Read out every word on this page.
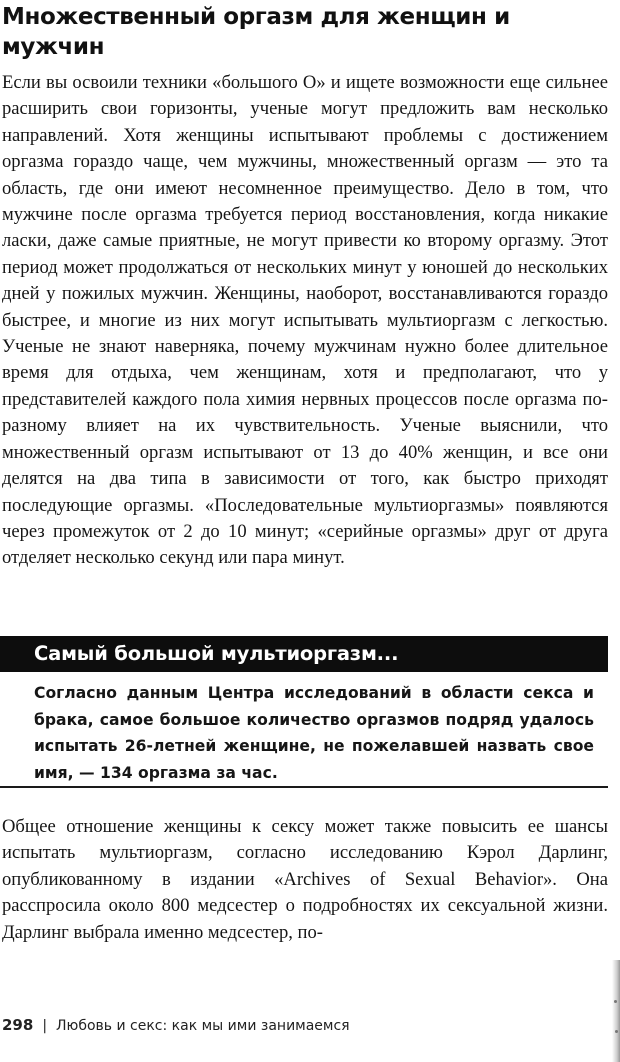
Множественный оргазм для женщин и мужчин

Если вы освоили техники «большого О» и ищете возможности еще сильнее расширить свои горизонты, ученые могут предложить вам несколько направлений. Хотя женщины испытывают проблемы с достижением оргазма гораздо чаще, чем мужчины, множественный оргазм — это та область, где они имеют несомненное преимущество. Дело в том, что мужчине после оргазма требуется период восстановления, когда никакие ласки, даже самые приятные, не могут привести ко второму оргазму. Этот период может продолжаться от нескольких минут у юношей до нескольких дней у пожилых мужчин. Женщины, наоборот, восстанавливаются гораздо быстрее, и многие из них могут испытывать мультиоргазм с легкостью. Ученые не знают наверняка, почему мужчинам нужно более длительное время для отдыха, чем женщинам, хотя и предполагают, что у представителей каждого пола химия нервных процессов после оргазма по-разному влияет на их чувствительность. Ученые выяснили, что множественный оргазм испытывают от 13 до 40% женщин, и все они делятся на два типа в зависимости от того, как быстро приходят последующие оргазмы. «Последовательные мультиоргазмы» появляются через промежуток от 2 до 10 минут; «серийные оргазмы» друг от друга отделяет несколько секунд или пара минут.

Самый большой мультиоргазм...

Согласно данным Центра исследований в области секса и брака, самое большое количество оргазмов подряд удалось испытать 26-летней женщине, не пожелавшей назвать свое имя, — 134 оргазма за час.

Общее отношение женщины к сексу может также повысить ее шансы испытать мультиоргазм, согласно исследованию Кэрол Дарлинг, опубликованному в издании «Archives of Sexual Behavior». Она расспросила около 800 медсестер о подробностях их сексуальной жизни. Дарлинг выбрала именно медсестер, по-

298 | Любовь и секс: как мы ими занимаемся
